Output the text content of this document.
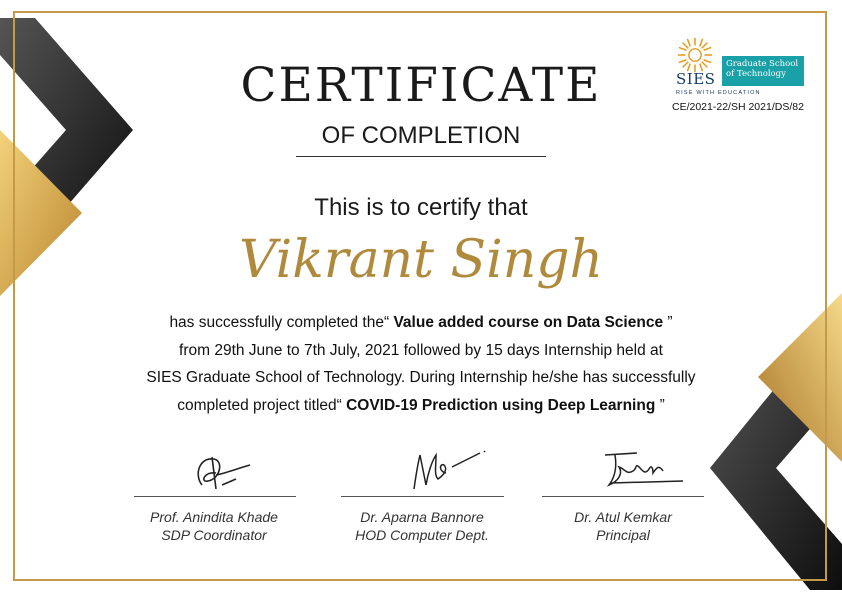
SIES
Graduate School of Technology
RISE WITH EDUCATION
CE/2021-22/SH 2021/DS/82
CERTIFICATE
OF COMPLETION
This is to certify that
Vikrant Singh
has successfully completed the“ Value added course on Data Science ”
from 29th June to 7th July, 2021 followed by 15 days Internship held at
SIES Graduate School of Technology. During Internship he/she has successfully
completed project titled“ COVID-19 Prediction using Deep Learning ”
Prof. Anindita Khade
SDP Coordinator
Dr. Aparna Bannore
HOD Computer Dept.
Dr. Atul Kemkar
Principal
